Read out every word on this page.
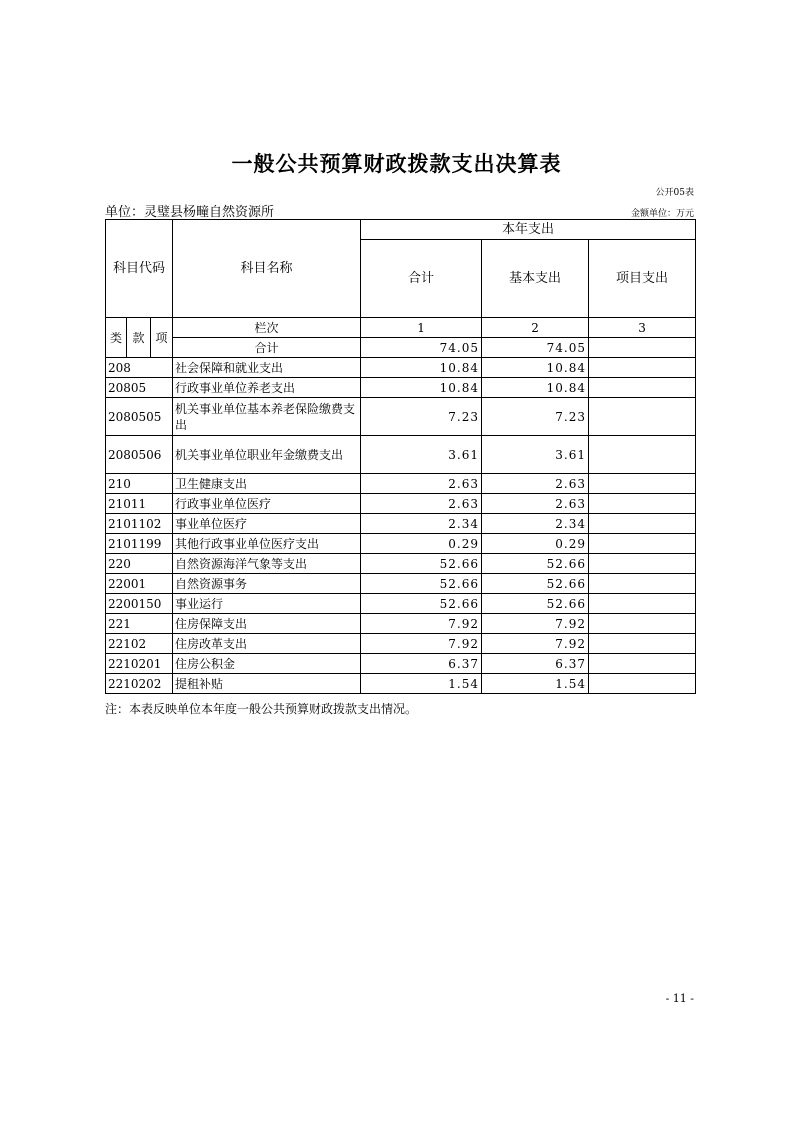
一般公共预算财政拨款支出决算表
公开05表
单位：灵璧县杨疃自然资源所	金额单位：万元
科目代码			科目名称	本年支出		
				合计	基本支出	项目支出
类	款	项	栏次	1	2	3
			合计	74.05	74.05	
208			社会保障和就业支出	10.84	10.84	
20805			行政事业单位养老支出	10.84	10.84	
2080505			机关事业单位基本养老保险缴费支出	7.23	7.23	
2080506			机关事业单位职业年金缴费支出	3.61	3.61	
210			卫生健康支出	2.63	2.63	
21011			行政事业单位医疗	2.63	2.63	
2101102			事业单位医疗	2.34	2.34	
2101199			其他行政事业单位医疗支出	0.29	0.29	
220			自然资源海洋气象等支出	52.66	52.66	
22001			自然资源事务	52.66	52.66	
2200150			事业运行	52.66	52.66	
221			住房保障支出	7.92	7.92	
22102			住房改革支出	7.92	7.92	
2210201			住房公积金	6.37	6.37	
2210202			提租补贴	1.54	1.54	
注：本表反映单位本年度一般公共预算财政拨款支出情况。
- 11 -
